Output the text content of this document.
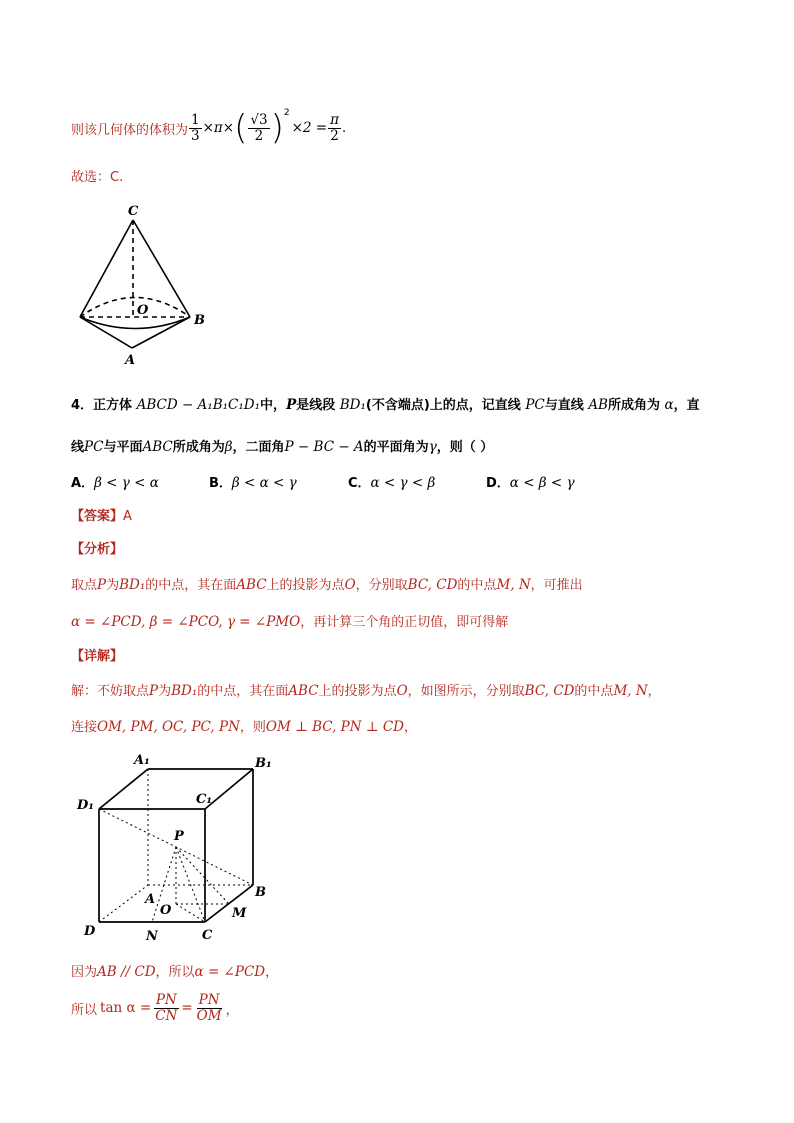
则该几何体的体积为 $\frac{1}{3} \times\pi\times$ ( $\frac{√3}{2} )^2$
$\times 2 = \frac{\pi}{2}$ .
故选：C.
C
O
B
A
4．正方体 ABCD − A₁B₁C₁D₁中，P是线段 BD₁(不含端点)上的点，记直线 PC与直线 AB所成角为 α，直
线PC与平面ABC所成角为β，二面角P − BC − A的平面角为γ，则（ ）
A．β < γ < α	B．β < α < γ	C．α < γ < β	D．α < β < γ
【答案】A
【分析】
取点P为BD₁的中点，其在面ABC上的投影为点O，分别取BC, CD的中点M, N，可推出
α = ∠PCD, β = ∠PCO, γ = ∠PMO，再计算三个角的正切值，即可得解
【详解】
解：不妨取点P为BD₁的中点，其在面ABC上的投影为点O，如图所示，分别取BC, CD的中点M, N，
连接OM, PM, OC, PC, PN，则OM ⊥ BC, PN ⊥ CD，
A₁	B₁
C₁
D₁
P
B
A
O	M
D	N	C
因为AB // CD，所以α = ∠PCD，
所以 $\tan \alpha = \frac{PN}{CN} = \frac{PN}{OM}$ ，
